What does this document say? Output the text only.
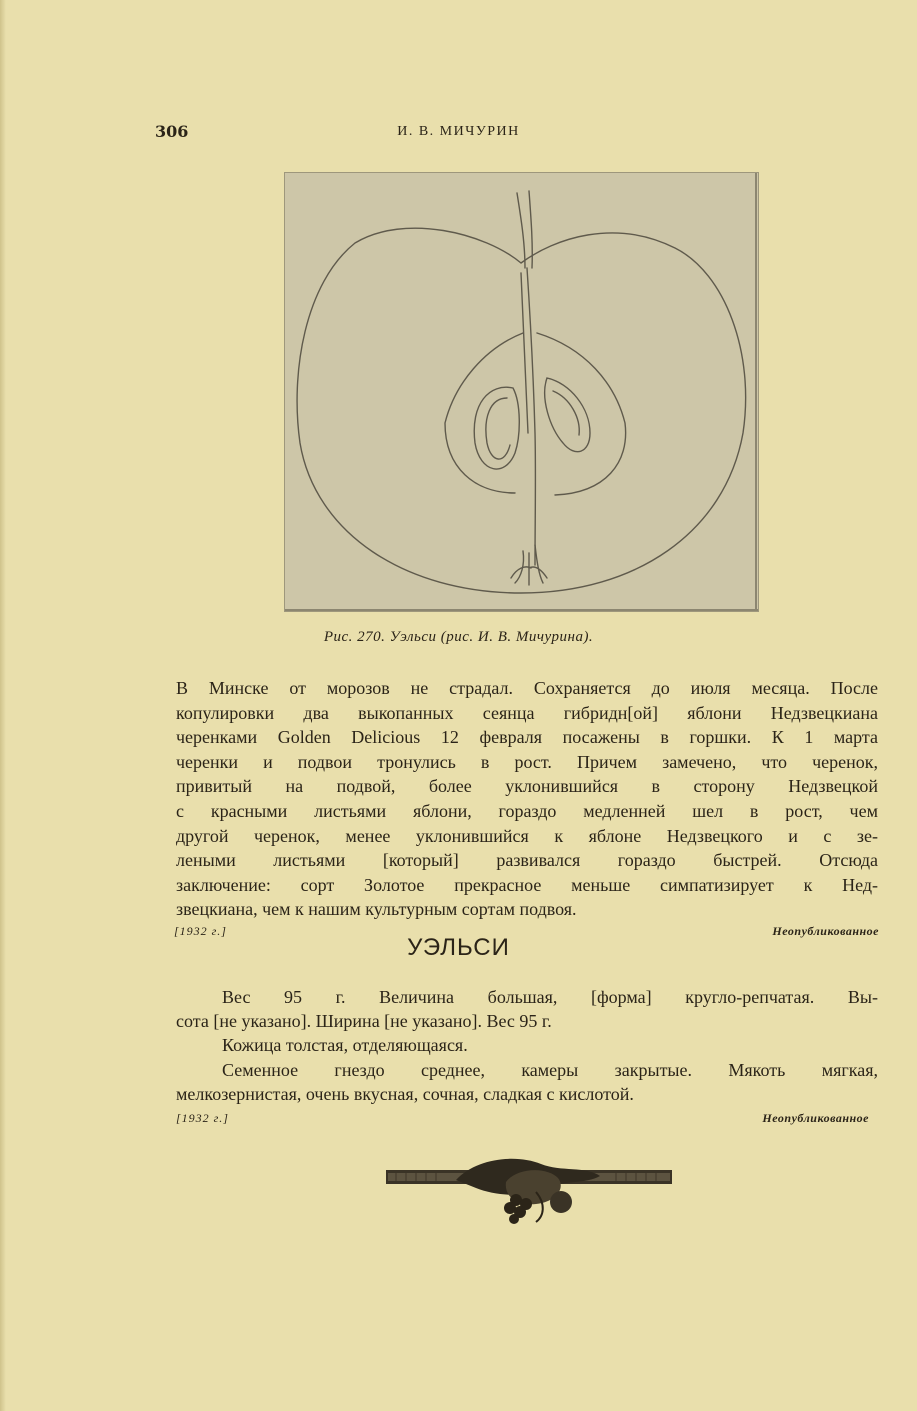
306	И. В. МИЧУРИН
Рис. 270. Уэльси (рис. И. В. Мичурина).
В Минске от морозов не страдал. Сохраняется до июля месяца. После
копулировки два выкопанных сеянца гибридн[ой] яблони Недзвецкиана
черенками Golden Delicious 12 февраля посажены в горшки. К 1 марта
черенки и подвои тронулись в рост. Причем замечено, что черенок,
привитый на подвой, более уклонившийся в сторону Недзвецкой
с красными листьями яблони, гораздо медленней шел в рост, чем
другой черенок, менее уклонившийся к яблоне Недзвецкого и с зе-
леными листьями [который] развивался гораздо быстрей. Отсюда
заключение: сорт Золотое прекрасное меньше симпатизирует к Нед-
звецкиана, чем к нашим культурным сортам подвоя.
[1932 г.]	Неопубликованное
УЭЛЬСИ
Вес 95 г. Величина большая, [форма] кругло-репчатая. Вы-
сота [не указано]. Ширина [не указано]. Вес 95 г.
Кожица толстая, отделяющаяся.
Семенное гнездо среднее, камеры закрытые. Мякоть мягкая,
мелкозернистая, очень вкусная, сочная, сладкая с кислотой.
[1932 г.]	Неопубликованное
